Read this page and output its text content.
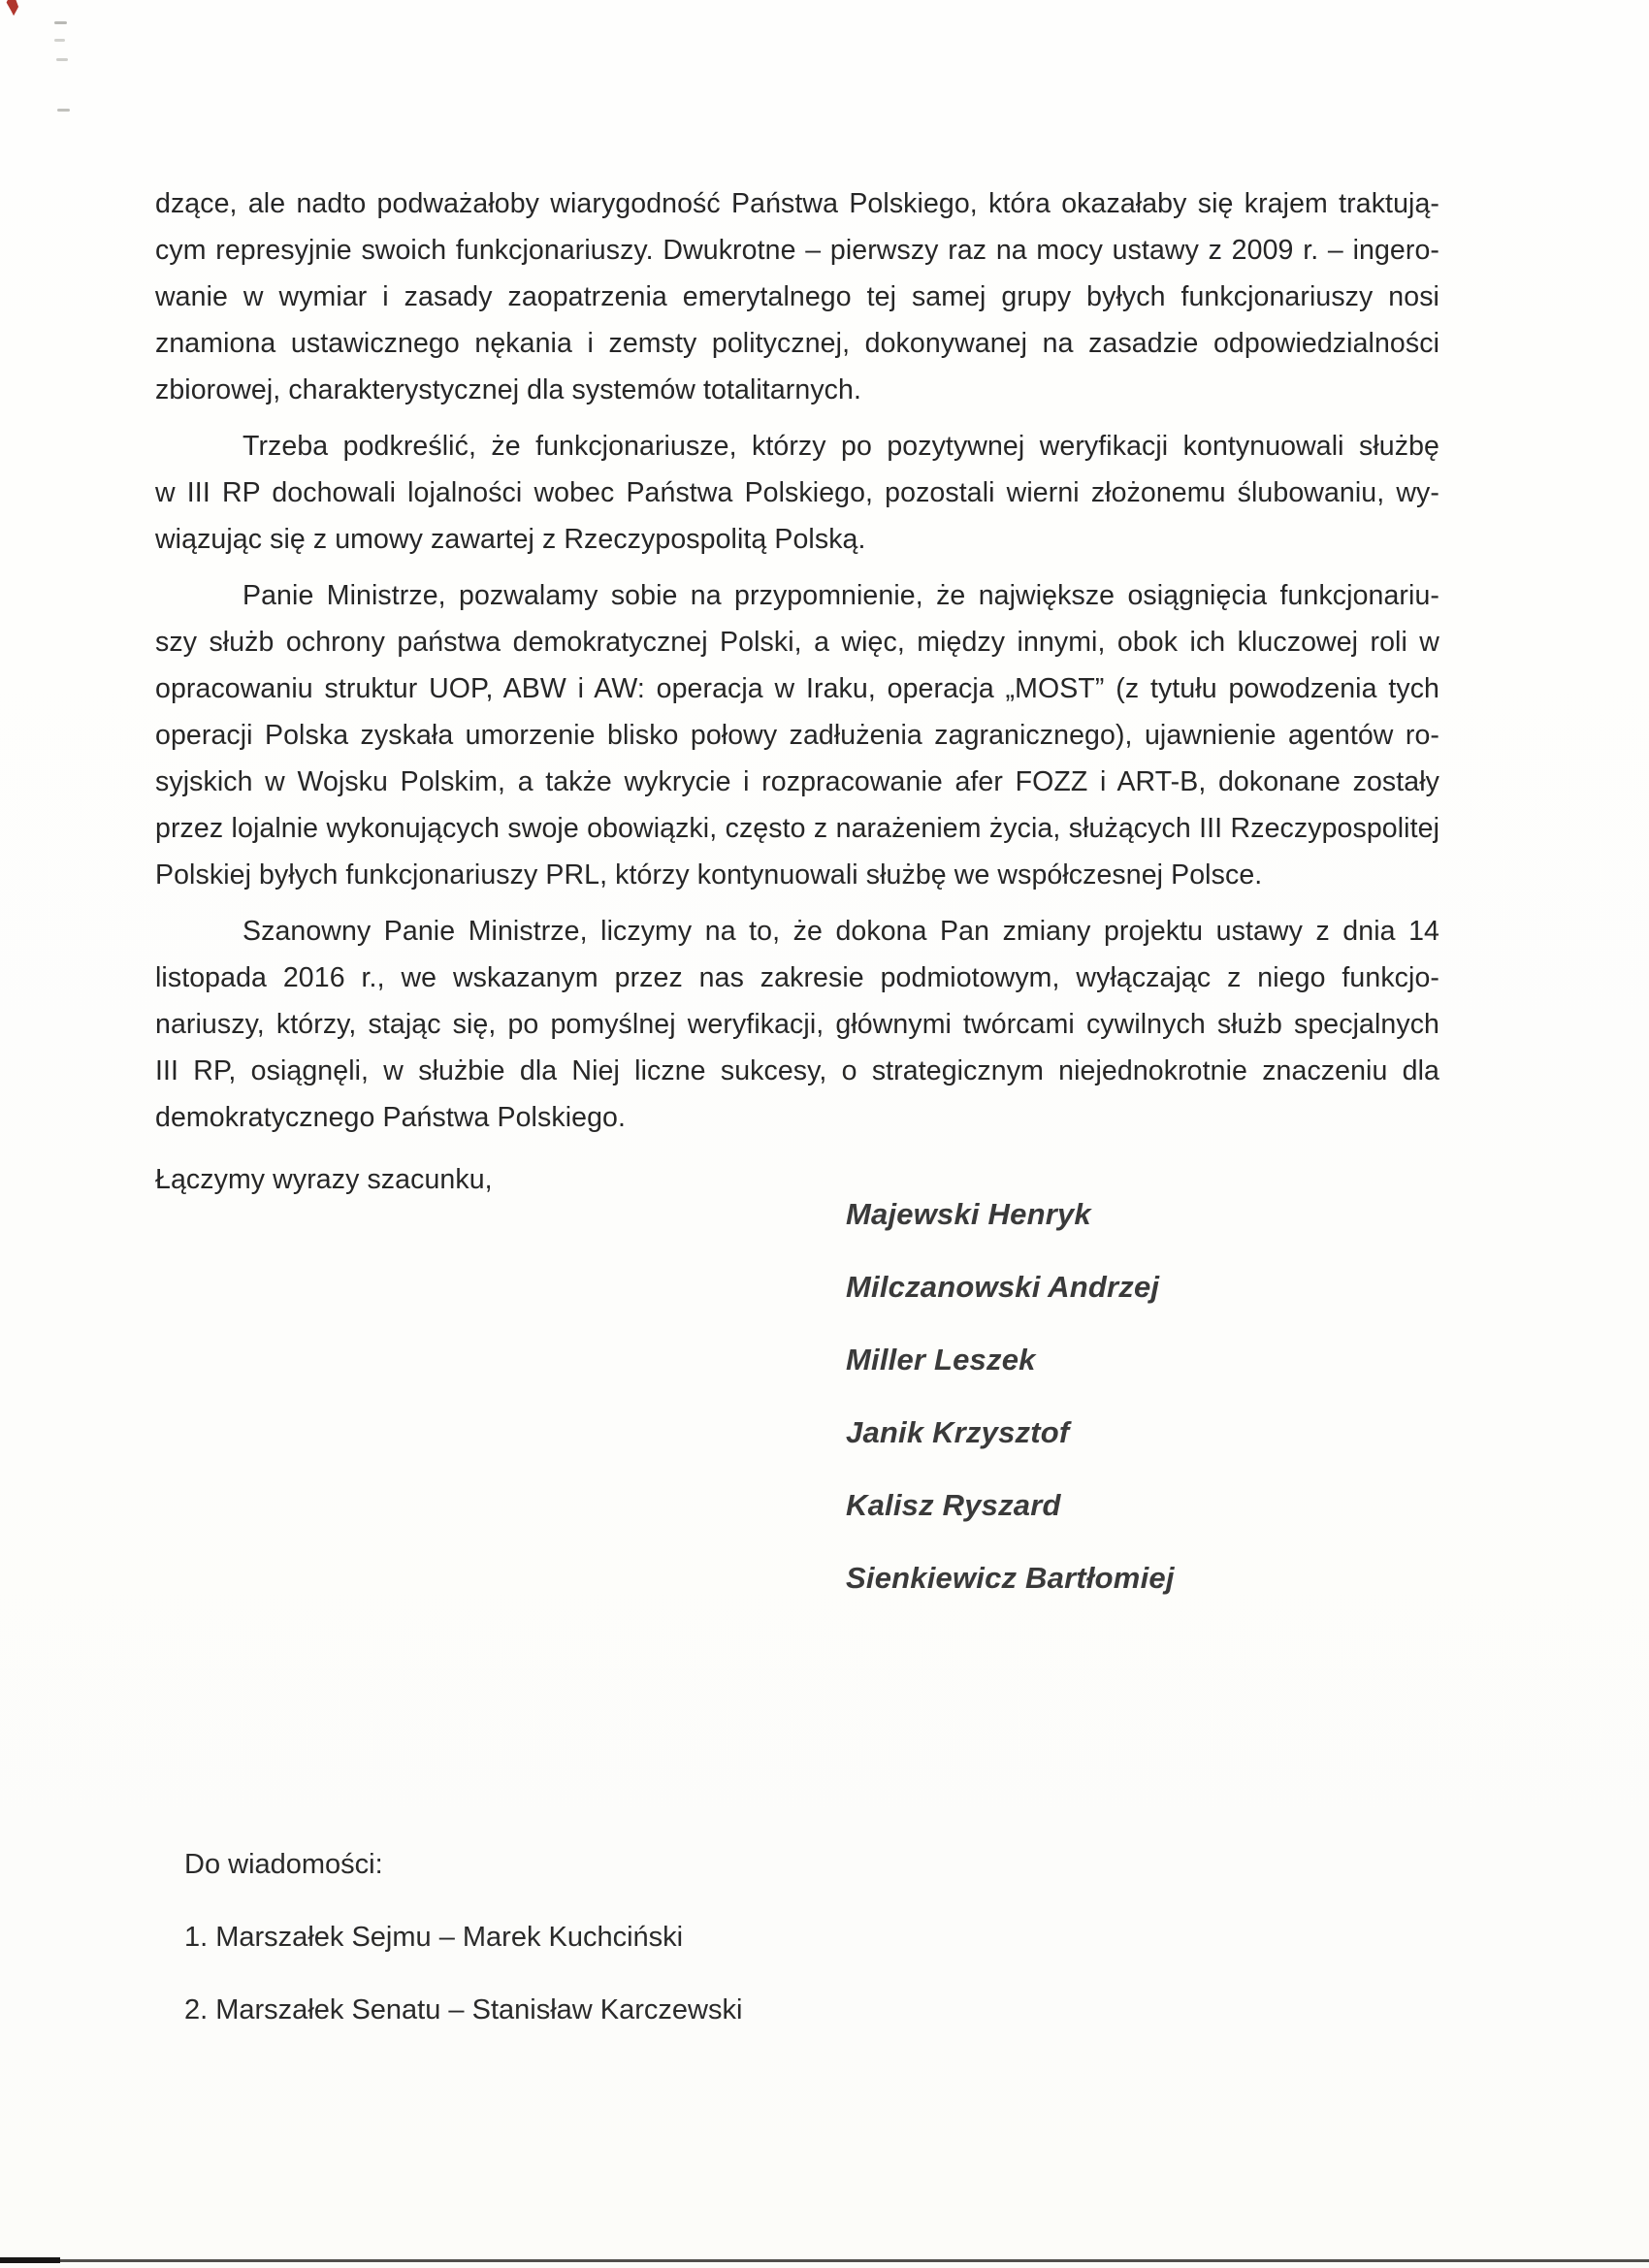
dzące, ale nadto podważałoby wiarygodność Państwa Polskiego, która okazałaby się krajem traktują-
cym represyjnie swoich funkcjonariuszy. Dwukrotne – pierwszy raz na mocy ustawy z 2009 r. – ingero-
wanie w wymiar i zasady zaopatrzenia emerytalnego tej samej grupy byłych funkcjonariuszy nosi
znamiona ustawicznego nękania i zemsty politycznej, dokonywanej na zasadzie odpowiedzialności
zbiorowej, charakterystycznej dla systemów totalitarnych.
Trzeba podkreślić, że funkcjonariusze, którzy po pozytywnej weryfikacji kontynuowali służbę
w III RP dochowali lojalności wobec Państwa Polskiego, pozostali wierni złożonemu ślubowaniu, wy-
wiązując się z umowy zawartej z Rzeczypospolitą Polską.
Panie Ministrze, pozwalamy sobie na przypomnienie, że największe osiągnięcia funkcjonariu-
szy służb ochrony państwa demokratycznej Polski, a więc, między innymi, obok ich kluczowej roli w
opracowaniu struktur UOP, ABW i AW: operacja w Iraku, operacja „MOST” (z tytułu powodzenia tych
operacji Polska zyskała umorzenie blisko połowy zadłużenia zagranicznego), ujawnienie agentów ro-
syjskich w Wojsku Polskim, a także wykrycie i rozpracowanie afer FOZZ i ART-B, dokonane zostały
przez lojalnie wykonujących swoje obowiązki, często z narażeniem życia, służących III Rzeczypospolitej
Polskiej byłych funkcjonariuszy PRL, którzy kontynuowali służbę we współczesnej Polsce.
Szanowny Panie Ministrze, liczymy na to, że dokona Pan zmiany projektu ustawy z dnia 14
listopada 2016 r., we wskazanym przez nas zakresie podmiotowym, wyłączając z niego funkcjo-
nariuszy, którzy, stając się, po pomyślnej weryfikacji, głównymi twórcami cywilnych służb specjalnych
III RP, osiągnęli, w służbie dla Niej liczne sukcesy, o strategicznym niejednokrotnie znaczeniu dla
demokratycznego Państwa Polskiego.
Łączymy wyrazy szacunku,
Majewski Henryk
Milczanowski Andrzej
Miller Leszek
Janik Krzysztof
Kalisz Ryszard
Sienkiewicz Bartłomiej
Do wiadomości:
1. Marszałek Sejmu – Marek Kuchciński
2. Marszałek Senatu – Stanisław Karczewski
